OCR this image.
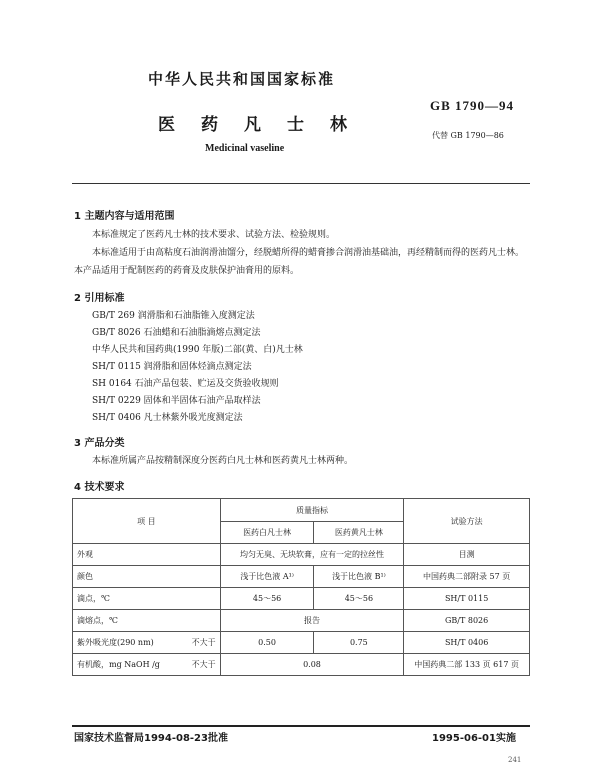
中华人民共和国国家标准
医药凡士林
GB 1790—94
代替 GB 1790—86
Medicinal vaseline
1 主题内容与适用范围
本标准规定了医药凡士林的技术要求、试验方法、检验规则。
本标准适用于由高粘度石油润滑油馏分，经脱蜡所得的蜡膏掺合润滑油基础油，再经精制而得的医药凡士林。本产品适用于配制医药的药膏及皮肤保护油膏用的原料。
2 引用标准
GB/T 269 润滑脂和石油脂锥入度测定法
GB/T 8026 石油蜡和石油脂滴熔点测定法
中华人民共和国药典(1990 年版)二部(黄、白)凡士林
SH/T 0115 润滑脂和固体烃滴点测定法
SH 0164 石油产品包装、贮运及交货验收规则
SH/T 0229 固体和半固体石油产品取样法
SH/T 0406 凡士林紫外吸光度测定法
3 产品分类
本标准所属产品按精制深度分医药白凡士林和医药黄凡士林两种。
4 技术要求
项 目	质量指标		试验方法
	医药白凡士林	医药黄凡士林	
外观	均匀无臭、无块软膏，应有一定的拉丝性		目测
颜色	浅于比色液 A¹⁾	浅于比色液 B¹⁾	中国药典二部附录 57 页
滴点，℃	45～56	45～56	SH/T 0115
滴熔点，℃	报告		GB/T 8026

紫外吸光度(290 nm) 不大于	0.50	0.75	SH/T 0406

有机酸，mg NaOH /g 不大于	0.08		中国药典二部 133 页 617 页
国家技术监督局1994-08-23批准	1995-06-01实施
241
